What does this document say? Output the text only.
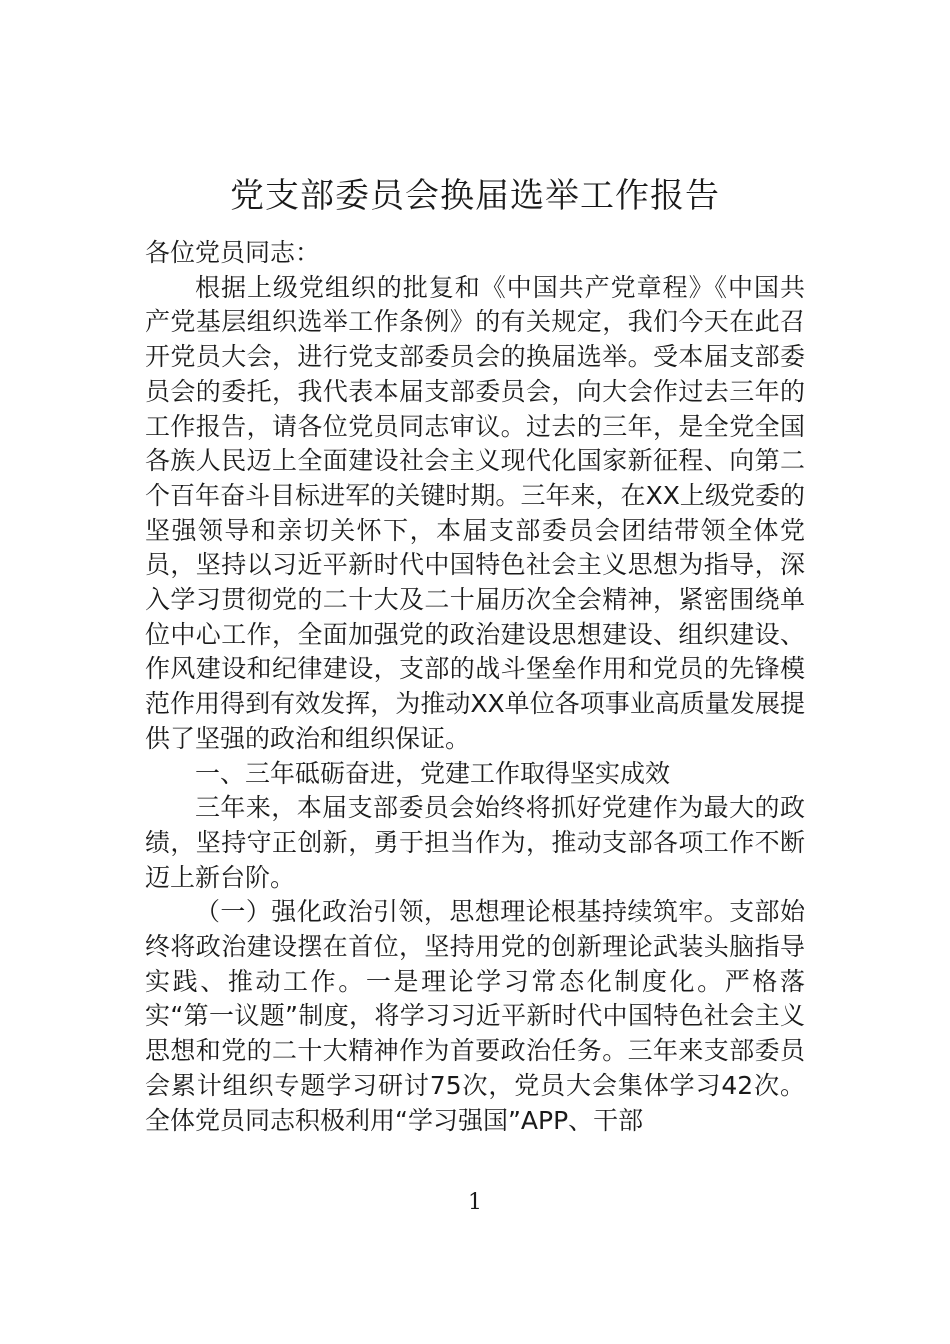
党支部委员会换届选举工作报告

各位党员同志：

根据上级党组织的批复和《中国共产党章程》《中国共产党基层组织选举工作条例》的有关规定，我们今天在此召开党员大会，进行党支部委员会的换届选举。受本届支部委员会的委托，我代表本届支部委员会，向大会作过去三年的工作报告，请各位党员同志审议。过去的三年，是全党全国各族人民迈上全面建设社会主义现代化国家新征程、向第二个百年奋斗目标进军的关键时期。三年来，在XX上级党委的坚强领导和亲切关怀下，本届支部委员会团结带领全体党员，坚持以习近平新时代中国特色社会主义思想为指导，深入学习贯彻党的二十大及二十届历次全会精神，紧密围绕单位中心工作，全面加强党的政治建设思想建设、组织建设、作风建设和纪律建设，支部的战斗堡垒作用和党员的先锋模范作用得到有效发挥，为推动XX单位各项事业高质量发展提供了坚强的政治和组织保证。

一、三年砥砺奋进，党建工作取得坚实成效

三年来，本届支部委员会始终将抓好党建作为最大的政绩，坚持守正创新，勇于担当作为，推动支部各项工作不断迈上新台阶。

（一）强化政治引领，思想理论根基持续筑牢。支部始终将政治建设摆在首位，坚持用党的创新理论武装头脑指导实践、推动工作。一是理论学习常态化制度化。严格落实“第一议题”制度，将学习习近平新时代中国特色社会主义思想和党的二十大精神作为首要政治任务。三年来支部委员会累计组织专题学习研讨75次，党员大会集体学习42次。全体党员同志积极利用“学习强国”APP、干部

1
